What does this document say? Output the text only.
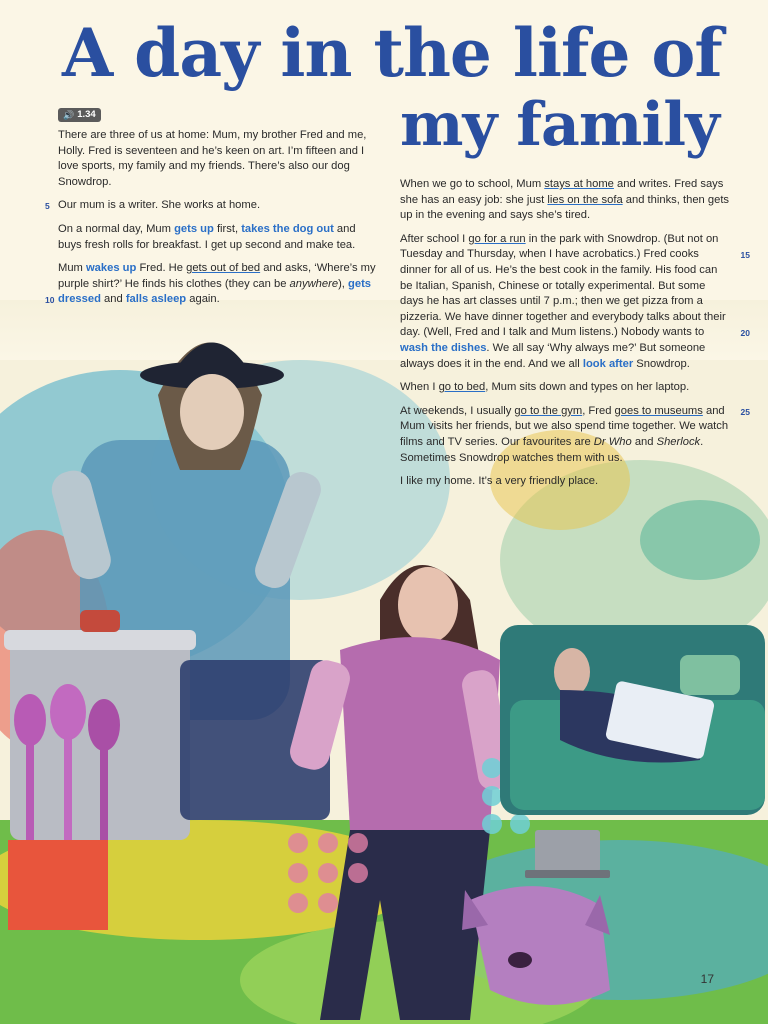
A day in the life of
my family
🔊 1.34

There are three of us at home: Mum, my brother Fred and me, Holly. Fred is seventeen and he’s keen on art. I’m fifteen and I love sports, my family and my friends. There’s also our dog Snowdrop.

5 Our mum is a writer. She works at home.

On a normal day, Mum gets up first, takes the dog out and buys fresh rolls for breakfast. I get up second and make tea.

10
Mum wakes up Fred. He gets out of bed and asks, ‘Where’s my purple shirt?’ He finds his clothes (they can be anywhere), gets dressed and falls asleep again.

When we go to school, Mum stays at home and writes. Fred says she has an easy job: she just lies on the sofa and thinks, then gets up in the evening and says she’s tired.

15
20
After school I go for a run in the park with Snowdrop. (But not on Tuesday and Thursday, when I have acrobatics.) Fred cooks dinner for all of us. He’s the best cook in the family. His food can be Italian, Spanish, Chinese or totally experimental. But some days he has art classes until 7 p.m.; then we get pizza from a pizzeria. We have dinner together and everybody talks about their day. (Well, Fred and I talk and Mum listens.) Nobody wants to wash the dishes. We all say ‘Why always me?’ But someone always does it in the end. And we all look after Snowdrop.

When I go to bed, Mum sits down and types on her laptop.

25
At weekends, I usually go to the gym, Fred goes to museums and Mum visits her friends, but we also spend time together. We watch films and TV series. Our favourites are Dr Who and Sherlock. Sometimes Snowdrop watches them with us.

I like my home. It’s a very friendly place.

17
